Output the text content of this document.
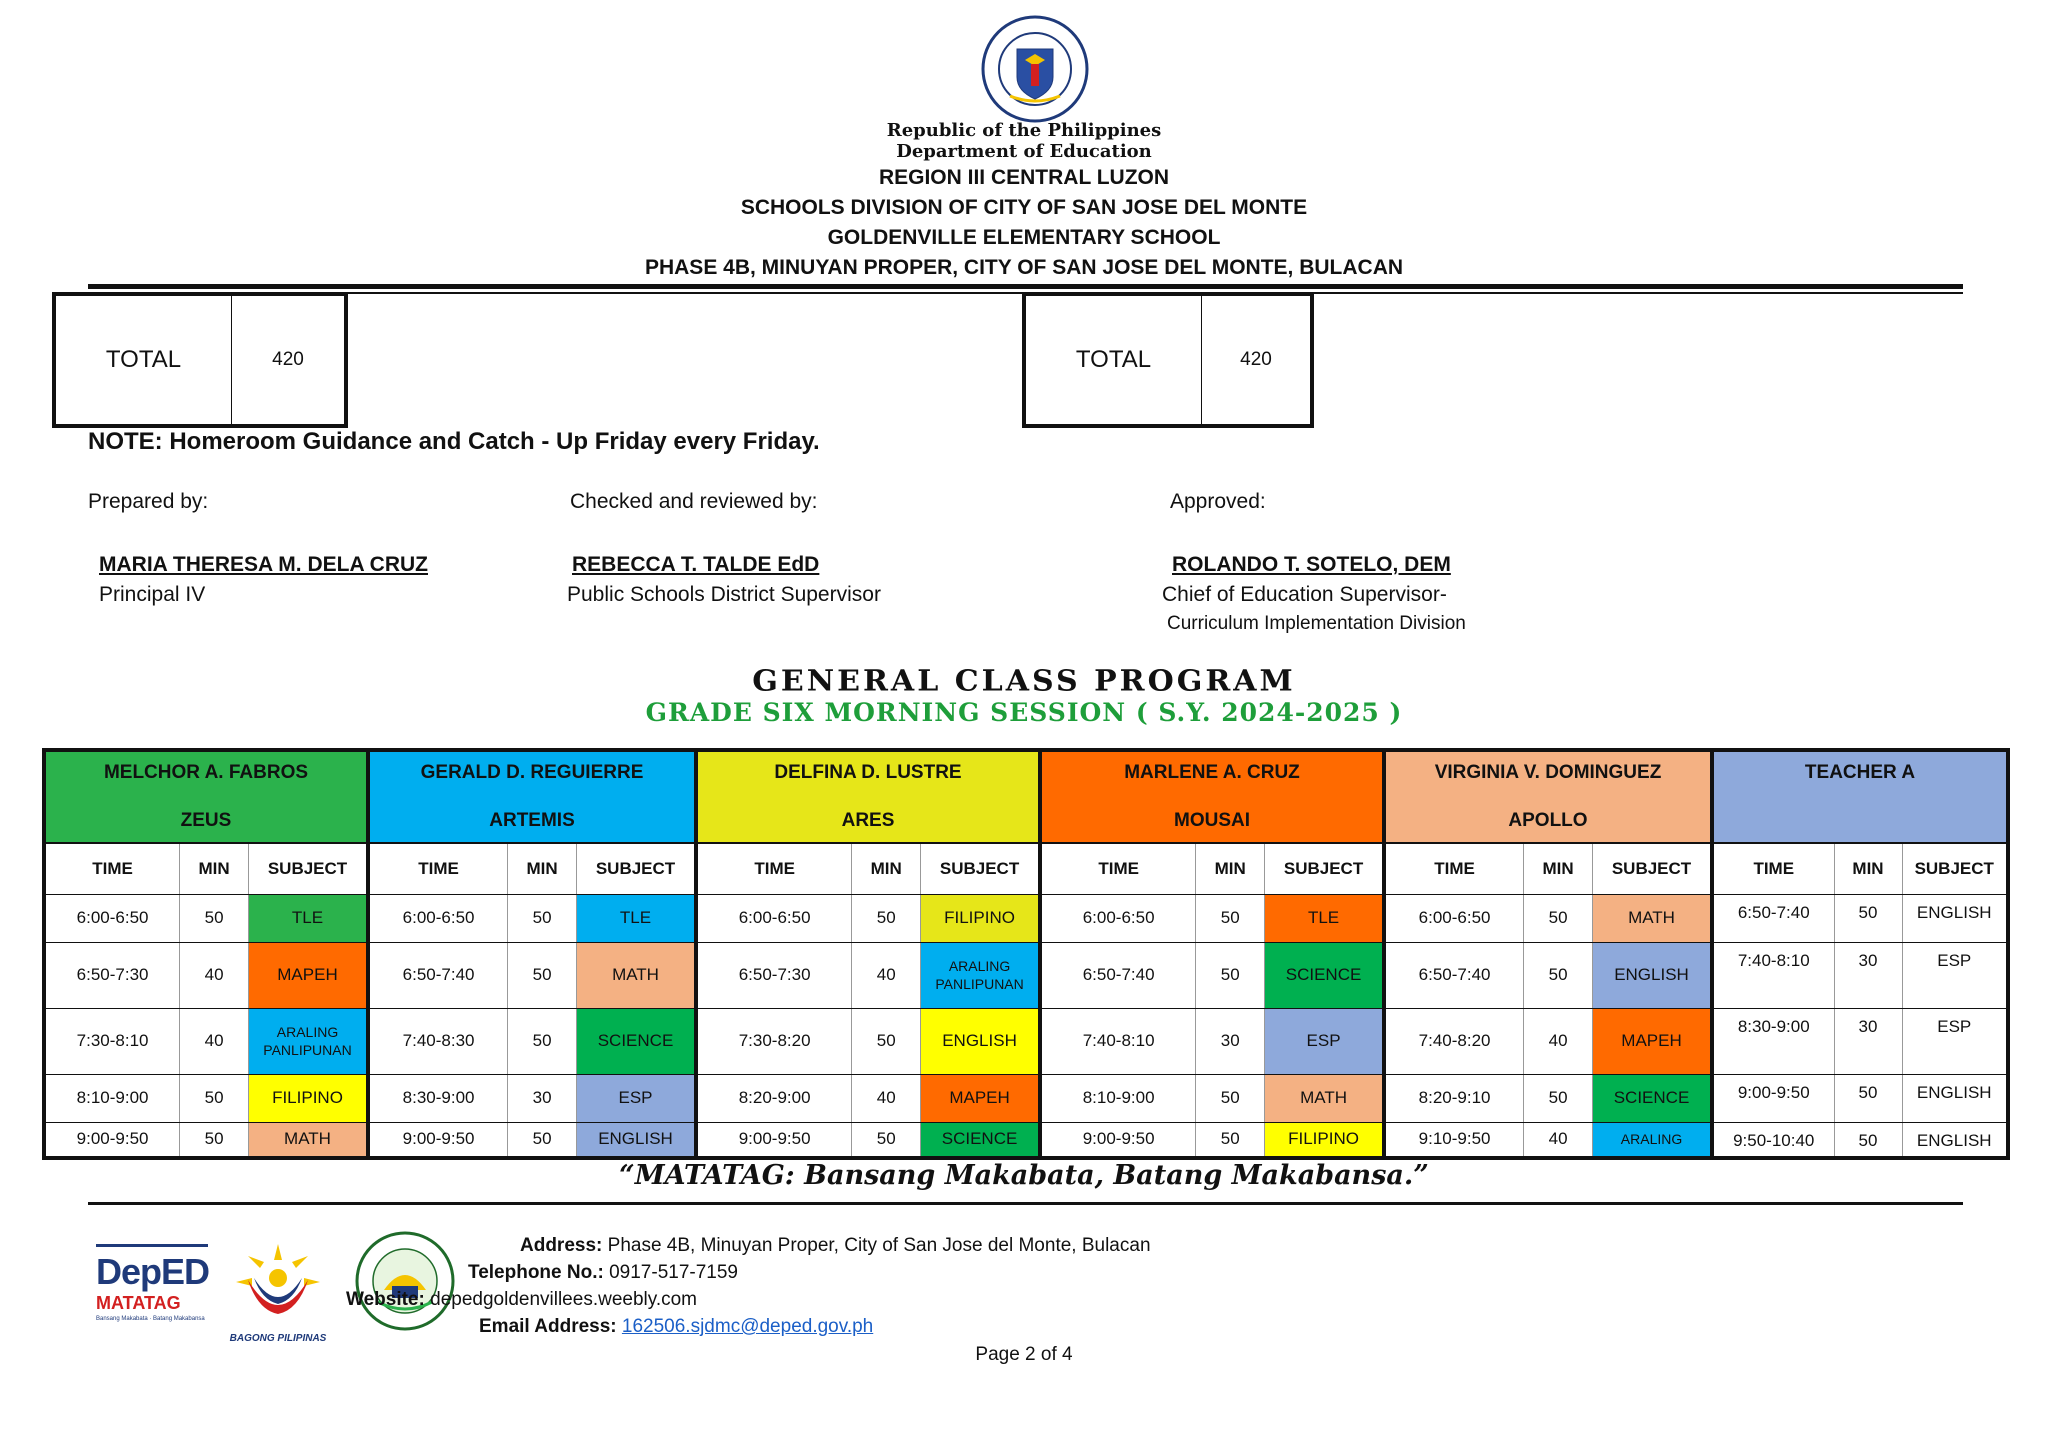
Republic of the Philippines
Department of Education
REGION III CENTRAL LUZON
SCHOOLS DIVISION OF CITY OF SAN JOSE DEL MONTE
GOLDENVILLE ELEMENTARY SCHOOL
PHASE 4B, MINUYAN PROPER, CITY OF SAN JOSE DEL MONTE, BULACAN
TOTAL	420	TOTAL	420
NOTE: Homeroom Guidance and Catch - Up Friday every Friday.
Prepared by:	Checked and reviewed by:	Approved:
MARIA THERESA M. DELA CRUZ
Principal IV
REBECCA T. TALDE EdD
Public Schools District Supervisor
ROLANDO T. SOTELO, DEM
Chief of Education Supervisor-
Curriculum Implementation Division
GENERAL CLASS PROGRAM
GRADE SIX MORNING SESSION ( S.Y. 2024-2025 )
MELCHOR A. FABROS
ZEUS
TIME	MIN	SUBJECT
6:00-6:50	50	TLE
6:50-7:30	40	MAPEH
7:30-8:10	40	ARALING PANLIPUNAN
8:10-9:00	50	FILIPINO
9:00-9:50	50	MATH
GERALD D. REGUIERRE
ARTEMIS
TIME	MIN	SUBJECT
6:00-6:50	50	TLE
6:50-7:40	50	MATH
7:40-8:30	50	SCIENCE
8:30-9:00	30	ESP
9:00-9:50	50	ENGLISH
DELFINA D. LUSTRE
ARES
TIME	MIN	SUBJECT
6:00-6:50	50	FILIPINO
6:50-7:30	40	ARALING PANLIPUNAN
7:30-8:20	50	ENGLISH
8:20-9:00	40	MAPEH
9:00-9:50	50	SCIENCE
MARLENE A. CRUZ
MOUSAI
TIME	MIN	SUBJECT
6:00-6:50	50	TLE
6:50-7:40	50	SCIENCE
7:40-8:10	30	ESP
8:10-9:00	50	MATH
9:00-9:50	50	FILIPINO
VIRGINIA V. DOMINGUEZ
APOLLO
TIME	MIN	SUBJECT
6:00-6:50	50	MATH
6:50-7:40	50	ENGLISH
7:40-8:20	40	MAPEH
8:20-9:10	50	SCIENCE
9:10-9:50	40	ARALING
TEACHER A
TIME	MIN	SUBJECT
6:50-7:40	50	ENGLISH
7:40-8:10	30	ESP
8:30-9:00	30	ESP
9:00-9:50	50	ENGLISH
9:50-10:40	50	ENGLISH
“MATATAG: Bansang Makabata, Batang Makabansa.”
DepED
MATATAG
Bansang Makabata · Batang Makabansa
BAGONG PILIPINAS
Address: Phase 4B, Minuyan Proper, City of San Jose del Monte, Bulacan
Telephone No.: 0917-517-7159
Website: depedgoldenvillees.weebly.com
Email Address: 162506.sjdmc@deped.gov.ph
Page 2 of 4
